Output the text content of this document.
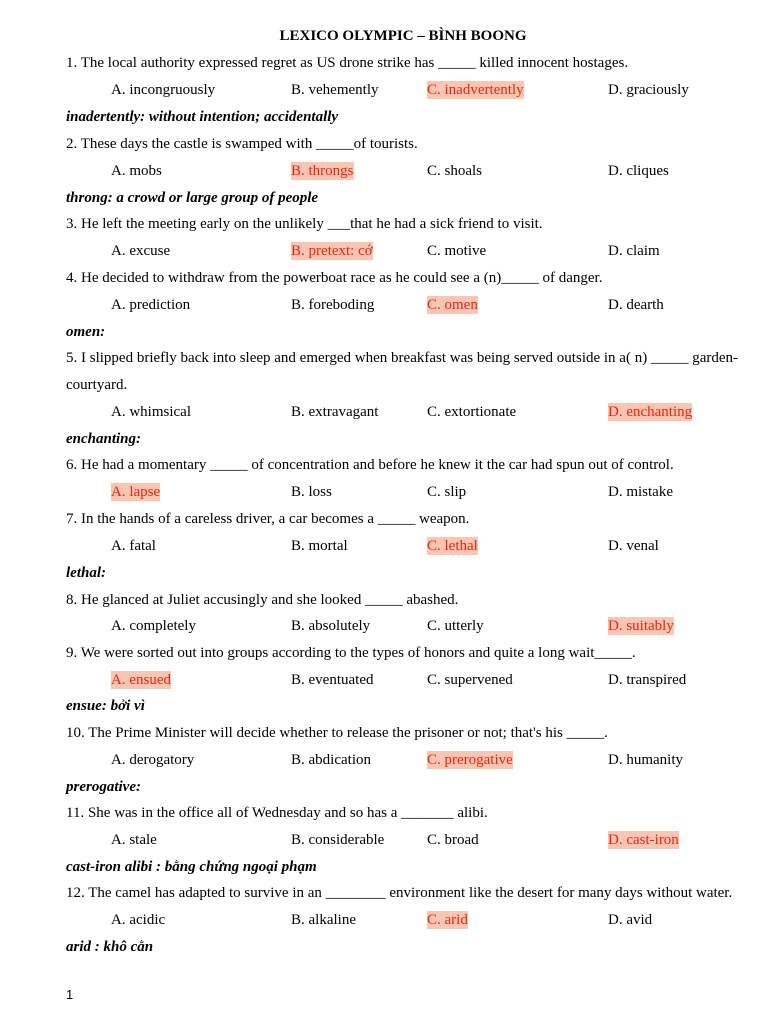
LEXICO OLYMPIC – BÌNH BOONG
1
1. The local authority expressed regret as US drone strike has _____ killed innocent hostages.
A. incongruously	B. vehemently	C. inadvertently	D. graciously
inadertently: without intention; accidentally
2. These days the castle is swamped with _____of tourists.
A. mobs	B. throngs	C. shoals	D. cliques
throng: a crowd or large group of people
3. He left the meeting early on the unlikely ___that he had a sick friend to visit.
A. excuse	B. pretext: cớ	C. motive	D. claim
4. He decided to withdraw from the powerboat race as he could see a (n)_____ of danger.
A. prediction	B. foreboding	C. omen	D. dearth
omen:
5. I slipped briefly back into sleep and emerged when breakfast was being served outside in a( n) _____ garden-courtyard.
A. whimsical	B. extravagant	C. extortionate	D. enchanting
enchanting:
6. He had a momentary _____ of concentration and before he knew it the car had spun out of control.
A. lapse	B. loss	C. slip	D. mistake
7. In the hands of a careless driver, a car becomes a _____ weapon.
A. fatal	B. mortal	C. lethal	D. venal
lethal:
8. He glanced at Juliet accusingly and she looked _____ abashed.
A. completely	B. absolutely	C. utterly	D. suitably
9. We were sorted out into groups according to the types of honors and quite a long wait_____.
A. ensued	B. eventuated	C. supervened	D. transpired
ensue: bởi vì
10. The Prime Minister will decide whether to release the prisoner or not; that's his _____.
A. derogatory	B. abdication	C. prerogative	D. humanity
prerogative:
11. She was in the office all of Wednesday and so has a _______ alibi.
A. stale	B. considerable	C. broad	D. cast-iron
cast-iron alibi : bằng chứng ngoại phạm
12. The camel has adapted to survive in an ________ environment like the desert for many days without water.
A. acidic	B. alkaline	C. arid	D. avid
arid : khô cằn
